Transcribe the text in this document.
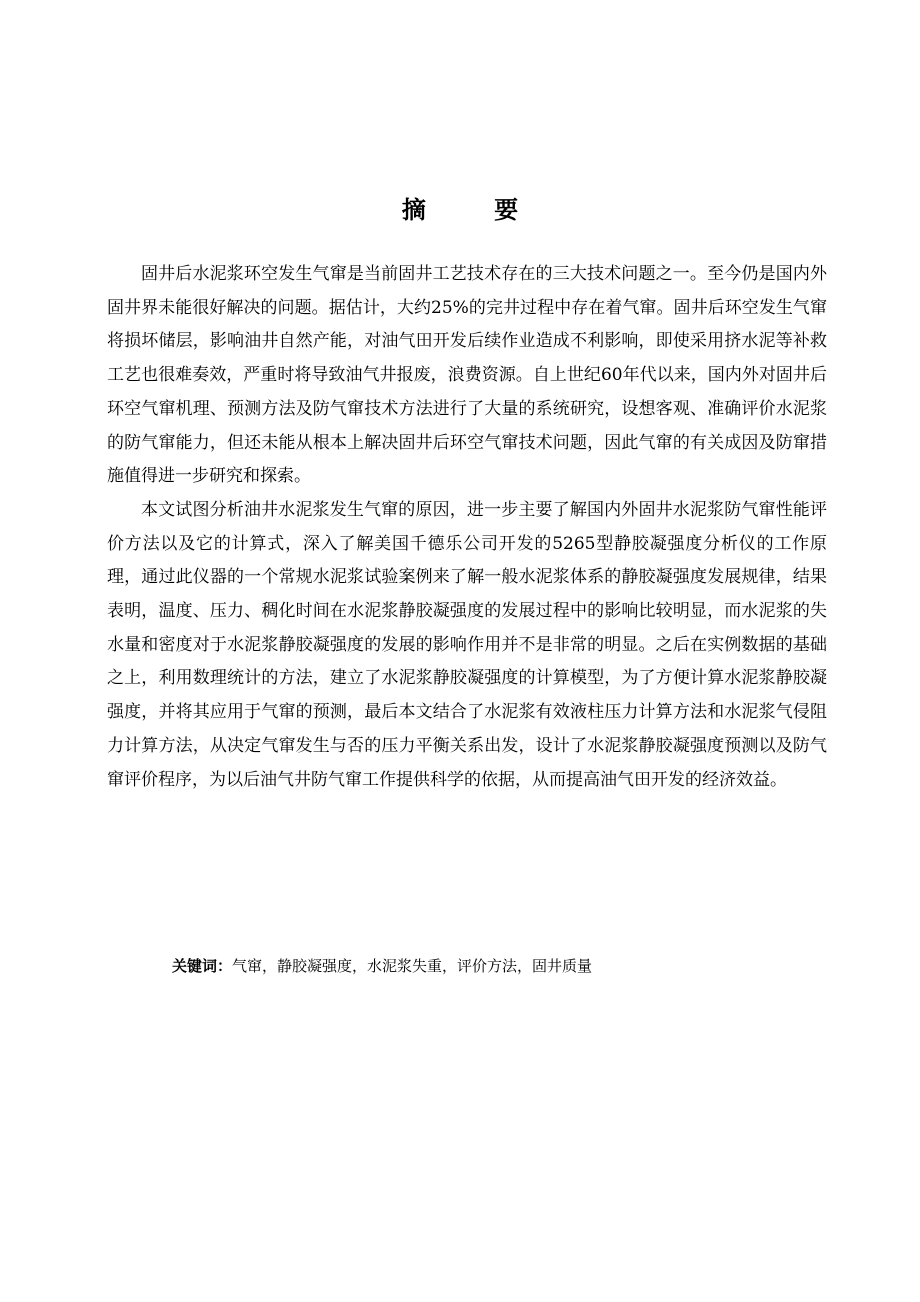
摘 要

固井后水泥浆环空发生气窜是当前固井工艺技术存在的三大技术问题之一。至今仍是国内外固井界未能很好解决的问题。据估计，大约25%的完井过程中存在着气窜。固井后环空发生气窜将损坏储层，影响油井自然产能，对油气田开发后续作业造成不利影响，即使采用挤水泥等补救工艺也很难奏效，严重时将导致油气井报废，浪费资源。自上世纪60年代以来，国内外对固井后环空气窜机理、预测方法及防气窜技术方法进行了大量的系统研究，设想客观、准确评价水泥浆的防气窜能力，但还未能从根本上解决固井后环空气窜技术问题，因此气窜的有关成因及防窜措施值得进一步研究和探索。

本文试图分析油井水泥浆发生气窜的原因，进一步主要了解国内外固井水泥浆防气窜性能评价方法以及它的计算式，深入了解美国千德乐公司开发的5265型静胶凝强度分析仪的工作原理，通过此仪器的一个常规水泥浆试验案例来了解一般水泥浆体系的静胶凝强度发展规律，结果表明，温度、压力、稠化时间在水泥浆静胶凝强度的发展过程中的影响比较明显，而水泥浆的失水量和密度对于水泥浆静胶凝强度的发展的影响作用并不是非常的明显。之后在实例数据的基础之上，利用数理统计的方法，建立了水泥浆静胶凝强度的计算模型，为了方便计算水泥浆静胶凝强度，并将其应用于气窜的预测，最后本文结合了水泥浆有效液柱压力计算方法和水泥浆气侵阻力计算方法，从决定气窜发生与否的压力平衡关系出发，设计了水泥浆静胶凝强度预测以及防气窜评价程序，为以后油气井防气窜工作提供科学的依据，从而提高油气田开发的经济效益。

关键词：气窜，静胶凝强度，水泥浆失重，评价方法，固井质量
